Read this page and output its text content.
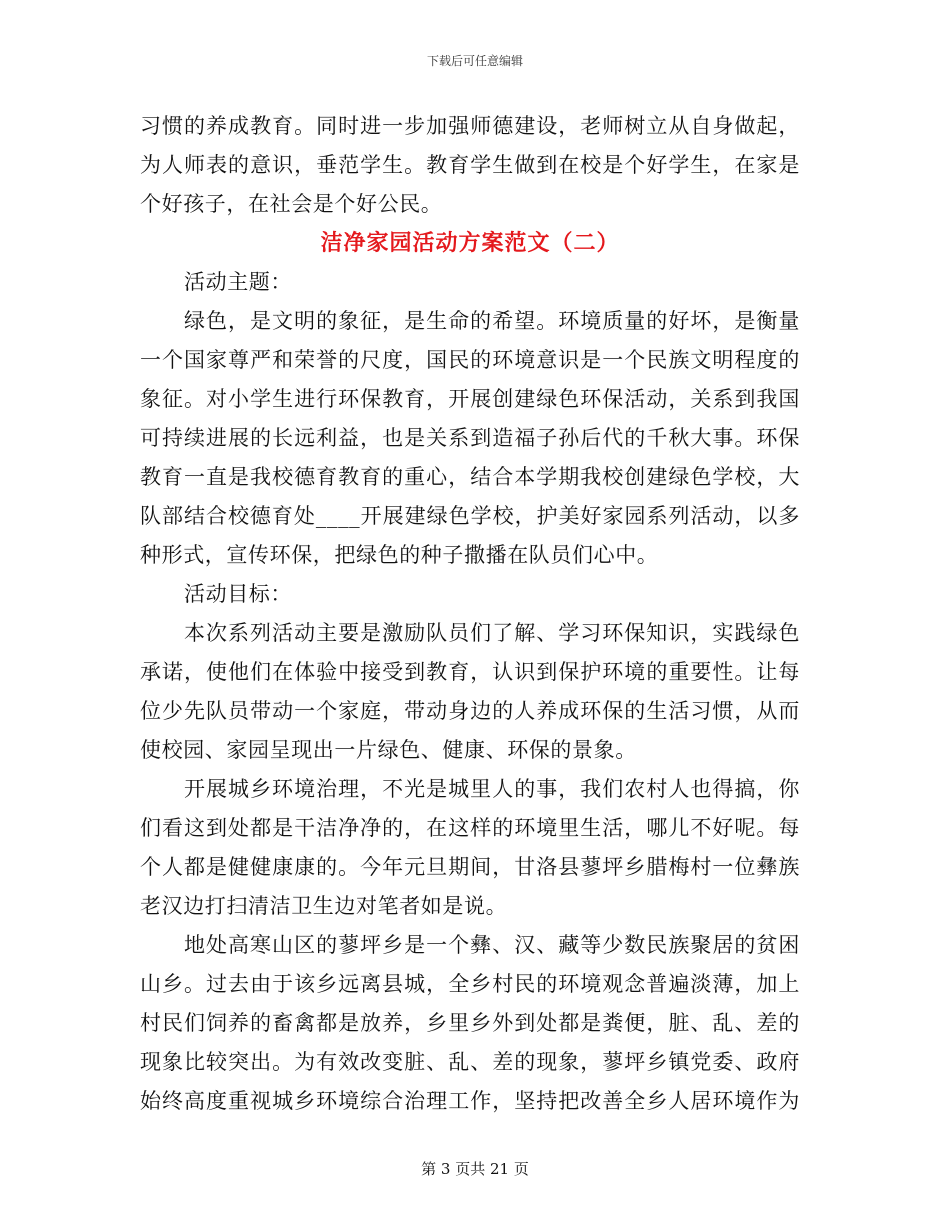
下载后可任意编辑
习惯的养成教育。同时进一步加强师德建设，老师树立从自身做起，
为人师表的意识，垂范学生。教育学生做到在校是个好学生，在家是
个好孩子，在社会是个好公民。
洁净家园活动方案范文（二）
活动主题：
绿色，是文明的象征，是生命的希望。环境质量的好坏，是衡量
一个国家尊严和荣誉的尺度，国民的环境意识是一个民族文明程度的
象征。对小学生进行环保教育，开展创建绿色环保活动，关系到我国
可持续进展的长远利益，也是关系到造福子孙后代的千秋大事。环保
教育一直是我校德育教育的重心，结合本学期我校创建绿色学校，大
队部结合校德育处____开展建绿色学校，护美好家园系列活动，以多
种形式，宣传环保，把绿色的种子撒播在队员们心中。
活动目标：
本次系列活动主要是激励队员们了解、学习环保知识，实践绿色
承诺，使他们在体验中接受到教育，认识到保护环境的重要性。让每
位少先队员带动一个家庭，带动身边的人养成环保的生活习惯，从而
使校园、家园呈现出一片绿色、健康、环保的景象。
开展城乡环境治理，不光是城里人的事，我们农村人也得搞，你
们看这到处都是干洁净净的，在这样的环境里生活，哪儿不好呢。每
个人都是健健康康的。今年元旦期间，甘洛县蓼坪乡腊梅村一位彝族
老汉边打扫清洁卫生边对笔者如是说。
地处高寒山区的蓼坪乡是一个彝、汉、藏等少数民族聚居的贫困
山乡。过去由于该乡远离县城，全乡村民的环境观念普遍淡薄，加上
村民们饲养的畜禽都是放养，乡里乡外到处都是粪便，脏、乱、差的
现象比较突出。为有效改变脏、乱、差的现象，蓼坪乡镇党委、政府
始终高度重视城乡环境综合治理工作，坚持把改善全乡人居环境作为
第 3 页共 21 页
